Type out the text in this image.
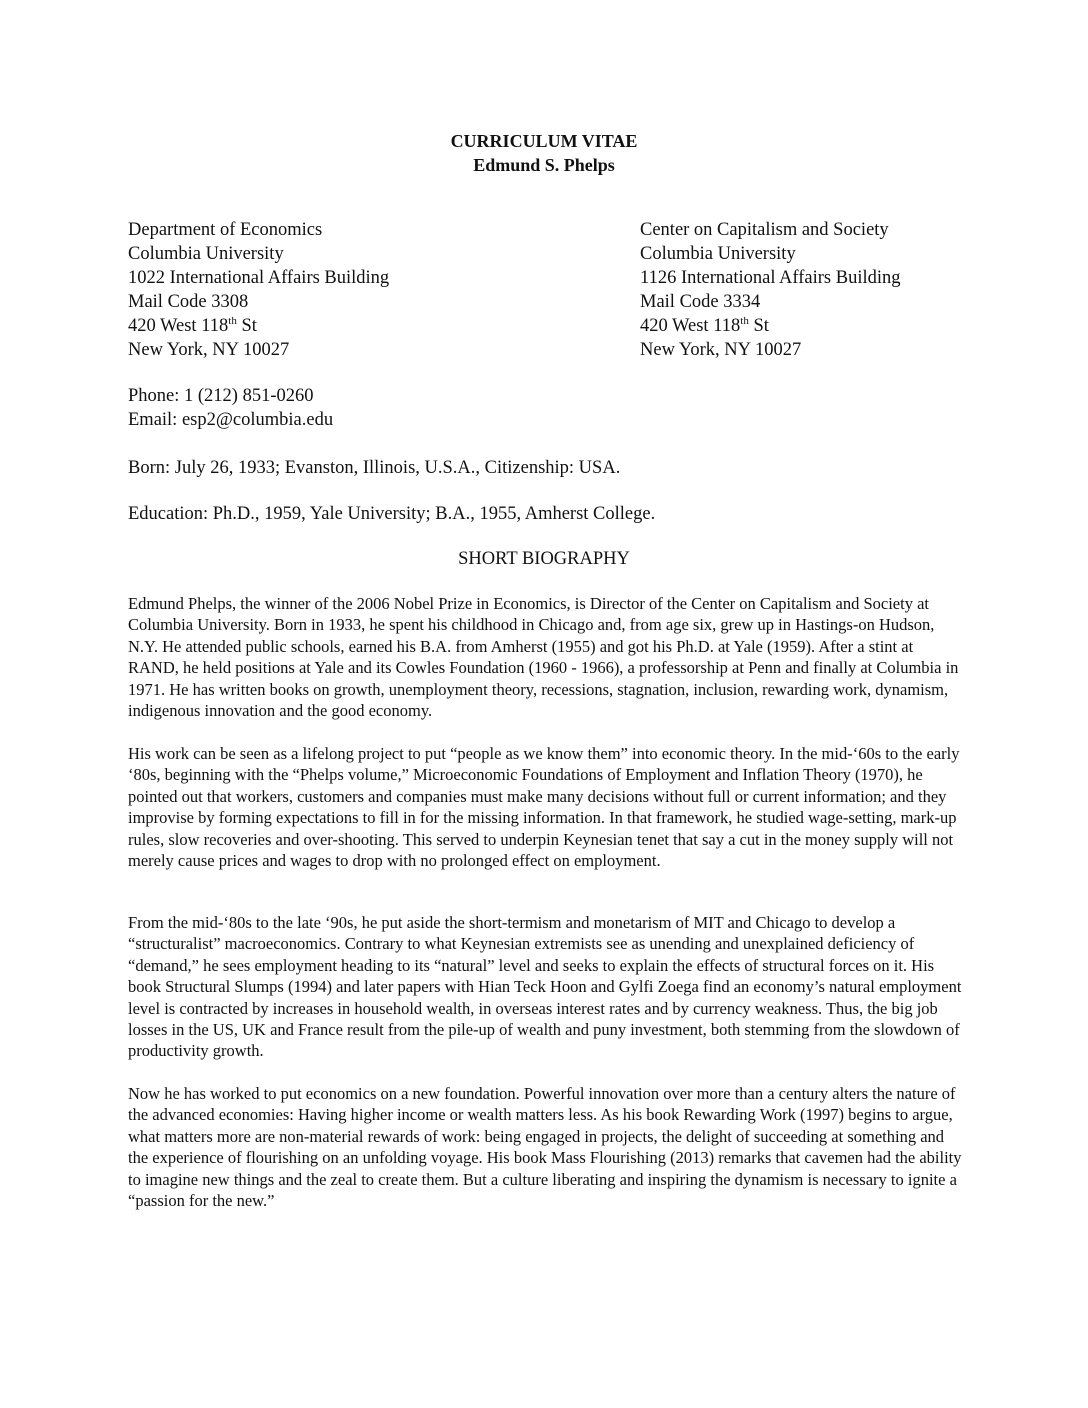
CURRICULUM VITAE
Edmund S. Phelps
Department of Economics
Columbia University
1022 International Affairs Building
Mail Code 3308
420 West 118th St
New York, NY 10027
Center on Capitalism and Society
Columbia University
1126 International Affairs Building
Mail Code 3334
420 West 118th St
New York, NY 10027
Phone: 1 (212) 851-0260
Email: esp2@columbia.edu
Born: July 26, 1933; Evanston, Illinois, U.S.A., Citizenship: USA.
Education: Ph.D., 1959, Yale University; B.A., 1955, Amherst College.
SHORT BIOGRAPHY

Edmund Phelps, the winner of the 2006 Nobel Prize in Economics, is Director of the Center on Capitalism and Society at Columbia University. Born in 1933, he spent his childhood in Chicago and, from age six, grew up in Hastings-on Hudson, N.Y. He attended public schools, earned his B.A. from Amherst (1955) and got his Ph.D. at Yale (1959). After a stint at RAND, he held positions at Yale and its Cowles Foundation (1960 - 1966), a professorship at Penn and finally at Columbia in 1971. He has written books on growth, unemployment theory, recessions, stagnation, inclusion, rewarding work, dynamism, indigenous innovation and the good economy.

His work can be seen as a lifelong project to put “people as we know them” into economic theory. In the mid-‘60s to the early ‘80s, beginning with the “Phelps volume,” Microeconomic Foundations of Employment and Inflation Theory (1970), he pointed out that workers, customers and companies must make many decisions without full or current information; and they improvise by forming expectations to fill in for the missing information. In that framework, he studied wage-setting, mark-up rules, slow recoveries and over-shooting. This served to underpin Keynesian tenet that say a cut in the money supply will not merely cause prices and wages to drop with no prolonged effect on employment.

From the mid-‘80s to the late ‘90s, he put aside the short-termism and monetarism of MIT and Chicago to develop a “structuralist” macroeconomics. Contrary to what Keynesian extremists see as unending and unexplained deficiency of “demand,” he sees employment heading to its “natural” level and seeks to explain the effects of structural forces on it. His book Structural Slumps (1994) and later papers with Hian Teck Hoon and Gylfi Zoega find an economy’s natural employment level is contracted by increases in household wealth, in overseas interest rates and by currency weakness. Thus, the big job losses in the US, UK and France result from the pile-up of wealth and puny investment, both stemming from the slowdown of productivity growth.

Now he has worked to put economics on a new foundation. Powerful innovation over more than a century alters the nature of the advanced economies: Having higher income or wealth matters less. As his book Rewarding Work (1997) begins to argue, what matters more are non-material rewards of work: being engaged in projects, the delight of succeeding at something and the experience of flourishing on an unfolding voyage. His book Mass Flourishing (2013) remarks that cavemen had the ability to imagine new things and the zeal to create them. But a culture liberating and inspiring the dynamism is necessary to ignite a “passion for the new.”
